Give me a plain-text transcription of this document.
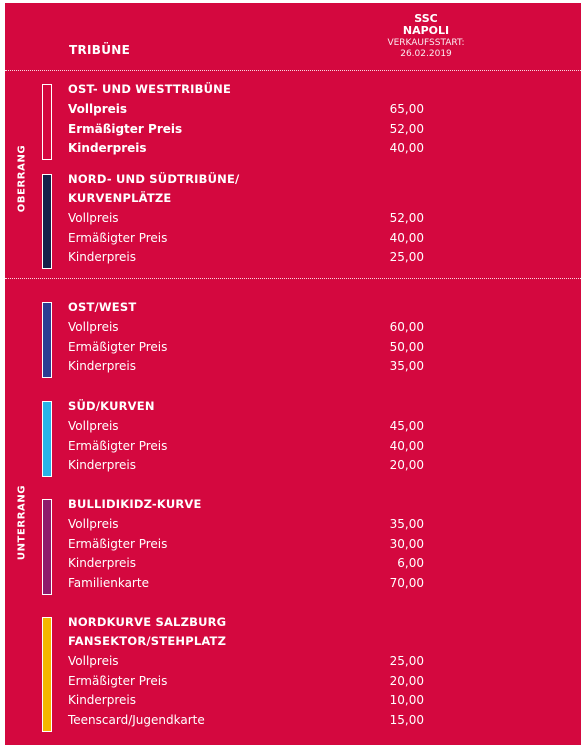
TRIBÜNE
SSC
NAPOLI
VERKAUFSSTART:
26.02.2019
OBERRANG
UNTERRANG
OST- UND WESTTRIBÜNE
Vollpreis	65,00
Ermäßigter Preis	52,00
Kinderpreis	40,00
NORD- UND SÜDTRIBÜNE/
KURVENPLÄTZE
Vollpreis	52,00
Ermäßigter Preis	40,00
Kinderpreis	25,00
OST/WEST
Vollpreis	60,00
Ermäßigter Preis	50,00
Kinderpreis	35,00
SÜD/KURVEN
Vollpreis	45,00
Ermäßigter Preis	40,00
Kinderpreis	20,00
BULLIDIKIDZ-KURVE
Vollpreis	35,00
Ermäßigter Preis	30,00
Kinderpreis	6,00
Familienkarte	70,00
NORDKURVE SALZBURG
FANSEKTOR/STEHPLATZ
Vollpreis	25,00
Ermäßigter Preis	20,00
Kinderpreis	10,00
Teenscard/Jugendkarte	15,00
